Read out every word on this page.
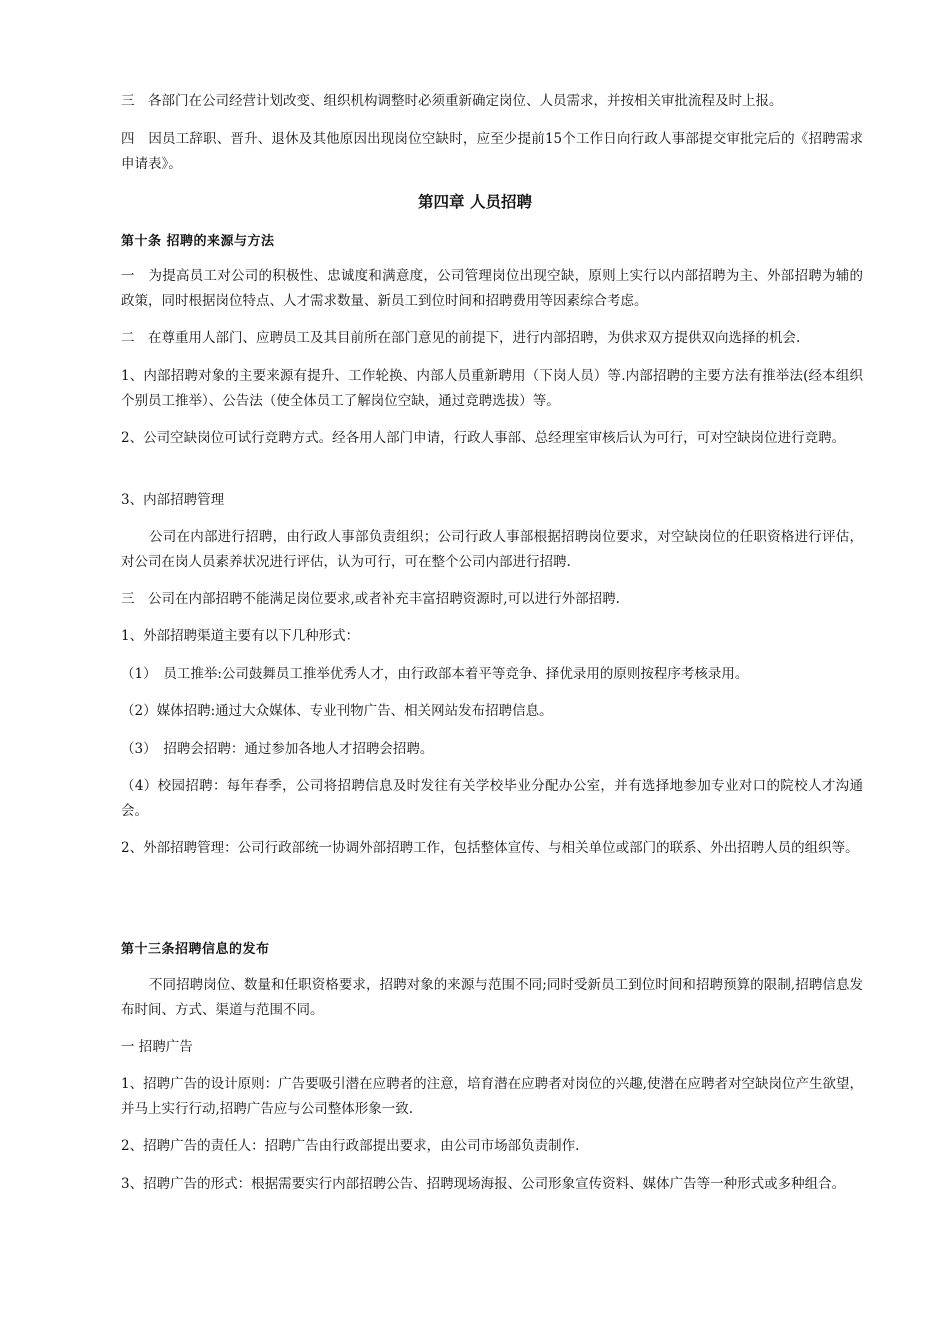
三　各部门在公司经营计划改变、组织机构调整时必须重新确定岗位、人员需求，并按相关审批流程及时上报。

四　因员工辞职、晋升、退休及其他原因出现岗位空缺时，应至少提前15个工作日向行政人事部提交审批完后的《招聘需求申请表》。

第四章 人员招聘
第十条 招聘的来源与方法

一　为提高员工对公司的积极性、忠诚度和满意度，公司管理岗位出现空缺，原则上实行以内部招聘为主、外部招聘为辅的政策，同时根据岗位特点、人才需求数量、新员工到位时间和招聘费用等因素综合考虑。

二　在尊重用人部门、应聘员工及其目前所在部门意见的前提下，进行内部招聘，为供求双方提供双向选择的机会.

1、内部招聘对象的主要来源有提升、工作轮换、内部人员重新聘用（下岗人员）等.内部招聘的主要方法有推举法(经本组织个别员工推举）、公告法（使全体员工了解岗位空缺，通过竞聘选拔）等。

2、公司空缺岗位可试行竞聘方式。经各用人部门申请，行政人事部、总经理室审核后认为可行，可对空缺岗位进行竞聘。

3、内部招聘管理

公司在内部进行招聘，由行政人事部负责组织；公司行政人事部根据招聘岗位要求，对空缺岗位的任职资格进行评估，对公司在岗人员素养状况进行评估，认为可行，可在整个公司内部进行招聘.

三　公司在内部招聘不能满足岗位要求,或者补充丰富招聘资源时,可以进行外部招聘.

1、外部招聘渠道主要有以下几种形式：

（1）　员工推举:公司鼓舞员工推举优秀人才，由行政部本着平等竞争、择优录用的原则按程序考核录用。

（2）媒体招聘:通过大众媒体、专业刊物广告、相关网站发布招聘信息。

（3）　招聘会招聘：通过参加各地人才招聘会招聘。

（4）校园招聘：每年春季，公司将招聘信息及时发往有关学校毕业分配办公室，并有选择地参加专业对口的院校人才沟通会。

2、外部招聘管理：公司行政部统一协调外部招聘工作，包括整体宣传、与相关单位或部门的联系、外出招聘人员的组织等。

第十三条招聘信息的发布

不同招聘岗位、数量和任职资格要求，招聘对象的来源与范围不同;同时受新员工到位时间和招聘预算的限制,招聘信息发布时间、方式、渠道与范围不同。

一 招聘广告

1、招聘广告的设计原则：广告要吸引潜在应聘者的注意，培育潜在应聘者对岗位的兴趣,使潜在应聘者对空缺岗位产生欲望，并马上实行行动,招聘广告应与公司整体形象一致.

2、招聘广告的责任人：招聘广告由行政部提出要求，由公司市场部负责制作.

3、招聘广告的形式：根据需要实行内部招聘公告、招聘现场海报、公司形象宣传资料、媒体广告等一种形式或多种组合。
